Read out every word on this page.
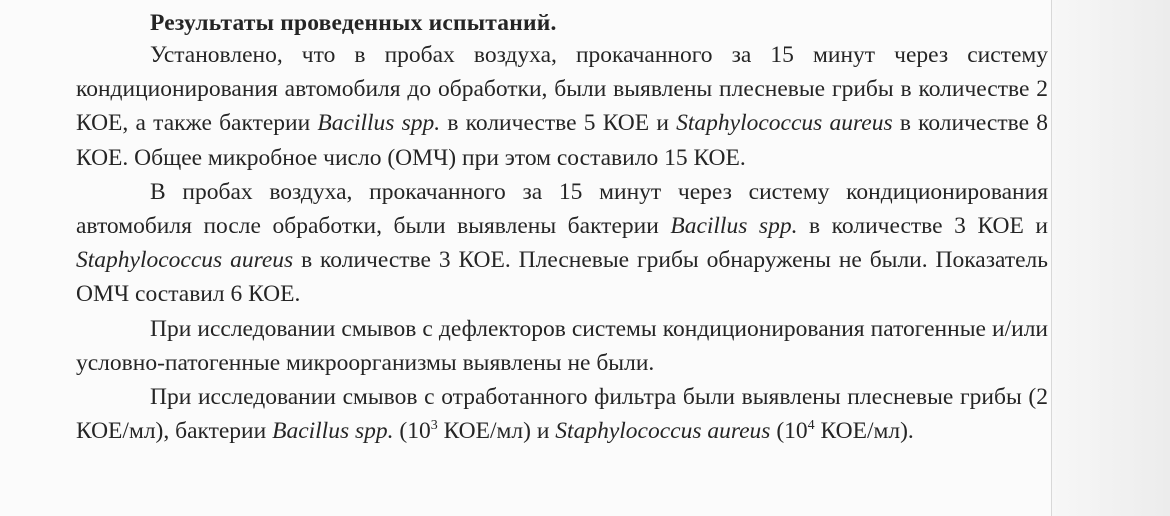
Результаты проведенных испытаний.

Установлено, что в пробах воздуха, прокачанного за 15 минут через систему кондиционирования автомобиля до обработки, были выявлены плесневые грибы в количестве 2 КОЕ, а также бактерии Bacillus spp. в количестве 5 КОЕ и Staphylococcus aureus в количестве 8 КОЕ. Общее микробное число (ОМЧ) при этом составило 15 КОЕ.

В пробах воздуха, прокачанного за 15 минут через систему кондиционирования автомобиля после обработки, были выявлены бактерии Bacillus spp. в количестве 3 КОЕ и Staphylococcus aureus в количестве 3 КОЕ. Плесневые грибы обнаружены не были. Показатель ОМЧ составил 6 КОЕ.

При исследовании смывов с дефлекторов системы кондиционирования патогенные и/или условно-патогенные микроорганизмы выявлены не были.

При исследовании смывов с отработанного фильтра были выявлены плесневые грибы (2 КОЕ/мл), бактерии Bacillus spp. ($10^3$ КОЕ/мл) и Staphylococcus aureus ($10^4$ КОЕ/мл).
